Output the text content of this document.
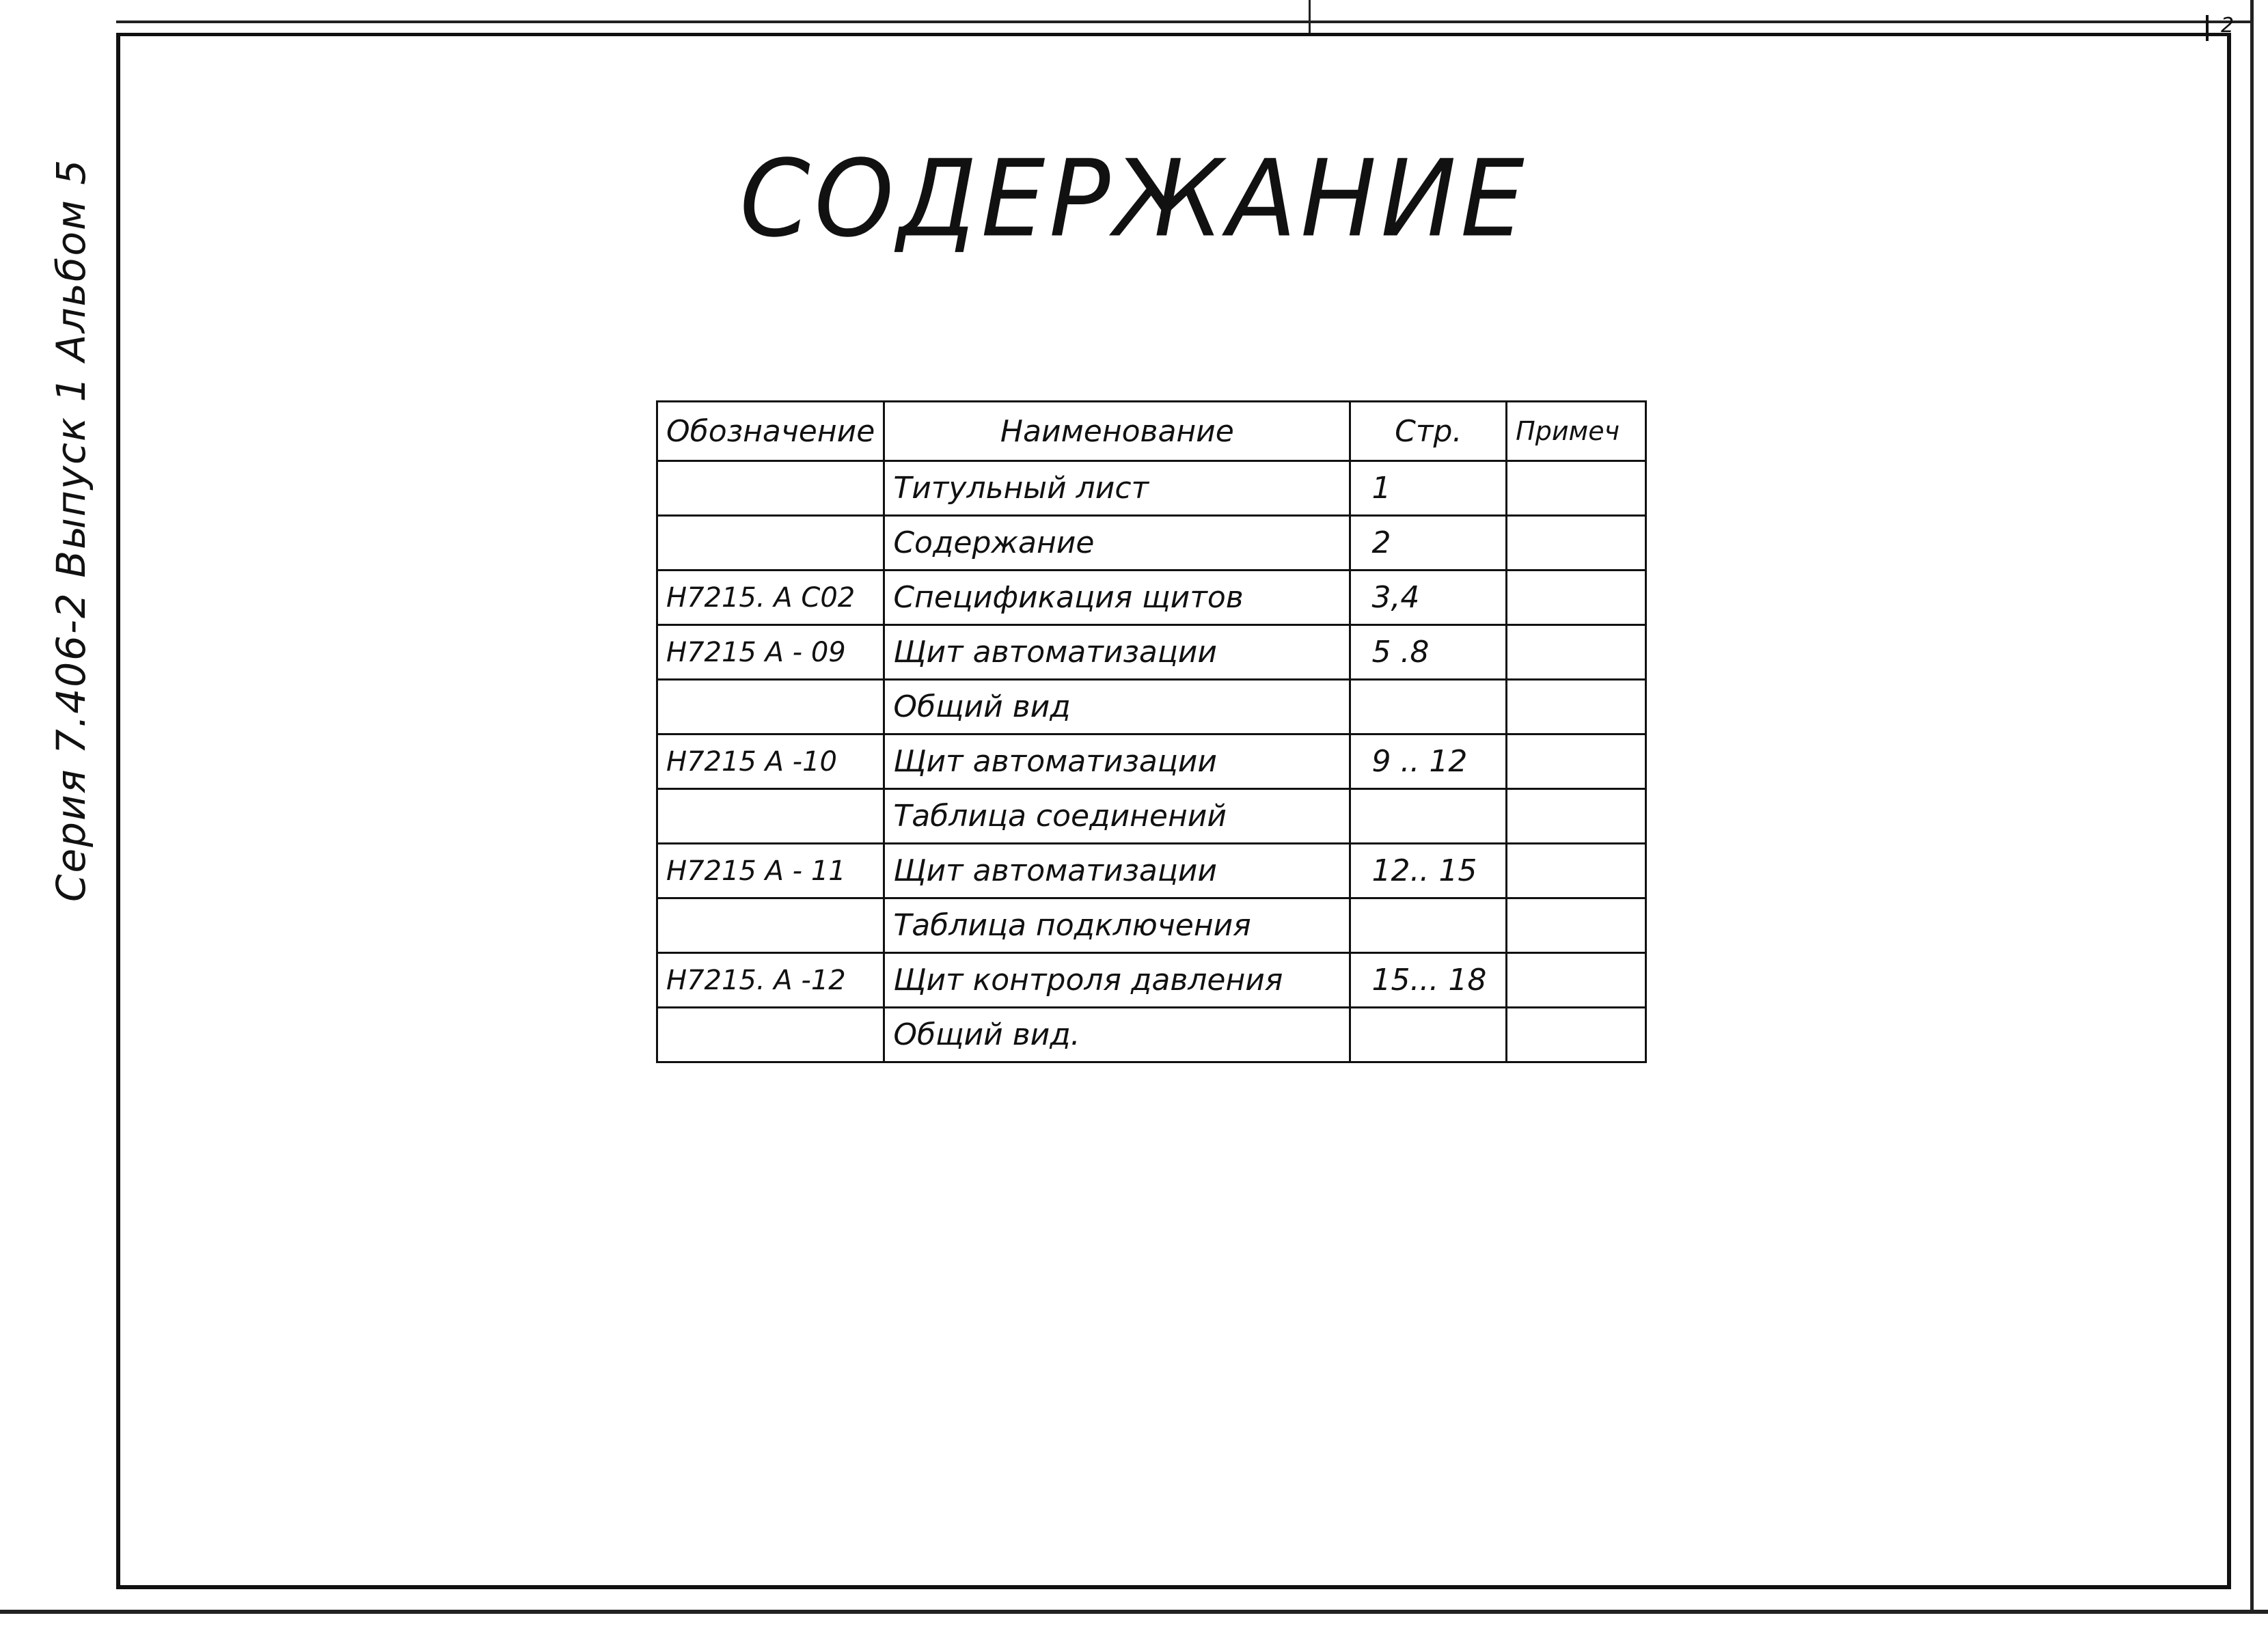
2
Серия 7.406-2 Выпуск 1 Альбом 5	СОДЕРЖАНИЕ
Обозначение	Наименование	Стр.	Примеч
	Титульный лист	1	
	Содержание	2	
Н7215. А С02	Спецификация щитов	3,4	
Н7215 А - 09	Щит автоматизации	5 .8	
	Общий вид		
Н7215 А -10	Щит автоматизации	9 .. 12	
	Таблица соединений		
Н7215 А - 11	Щит автоматизации	12.. 15	
	Таблица подключения		
Н7215. А -12	Щит контроля давления	15... 18	
	Общий вид.		
